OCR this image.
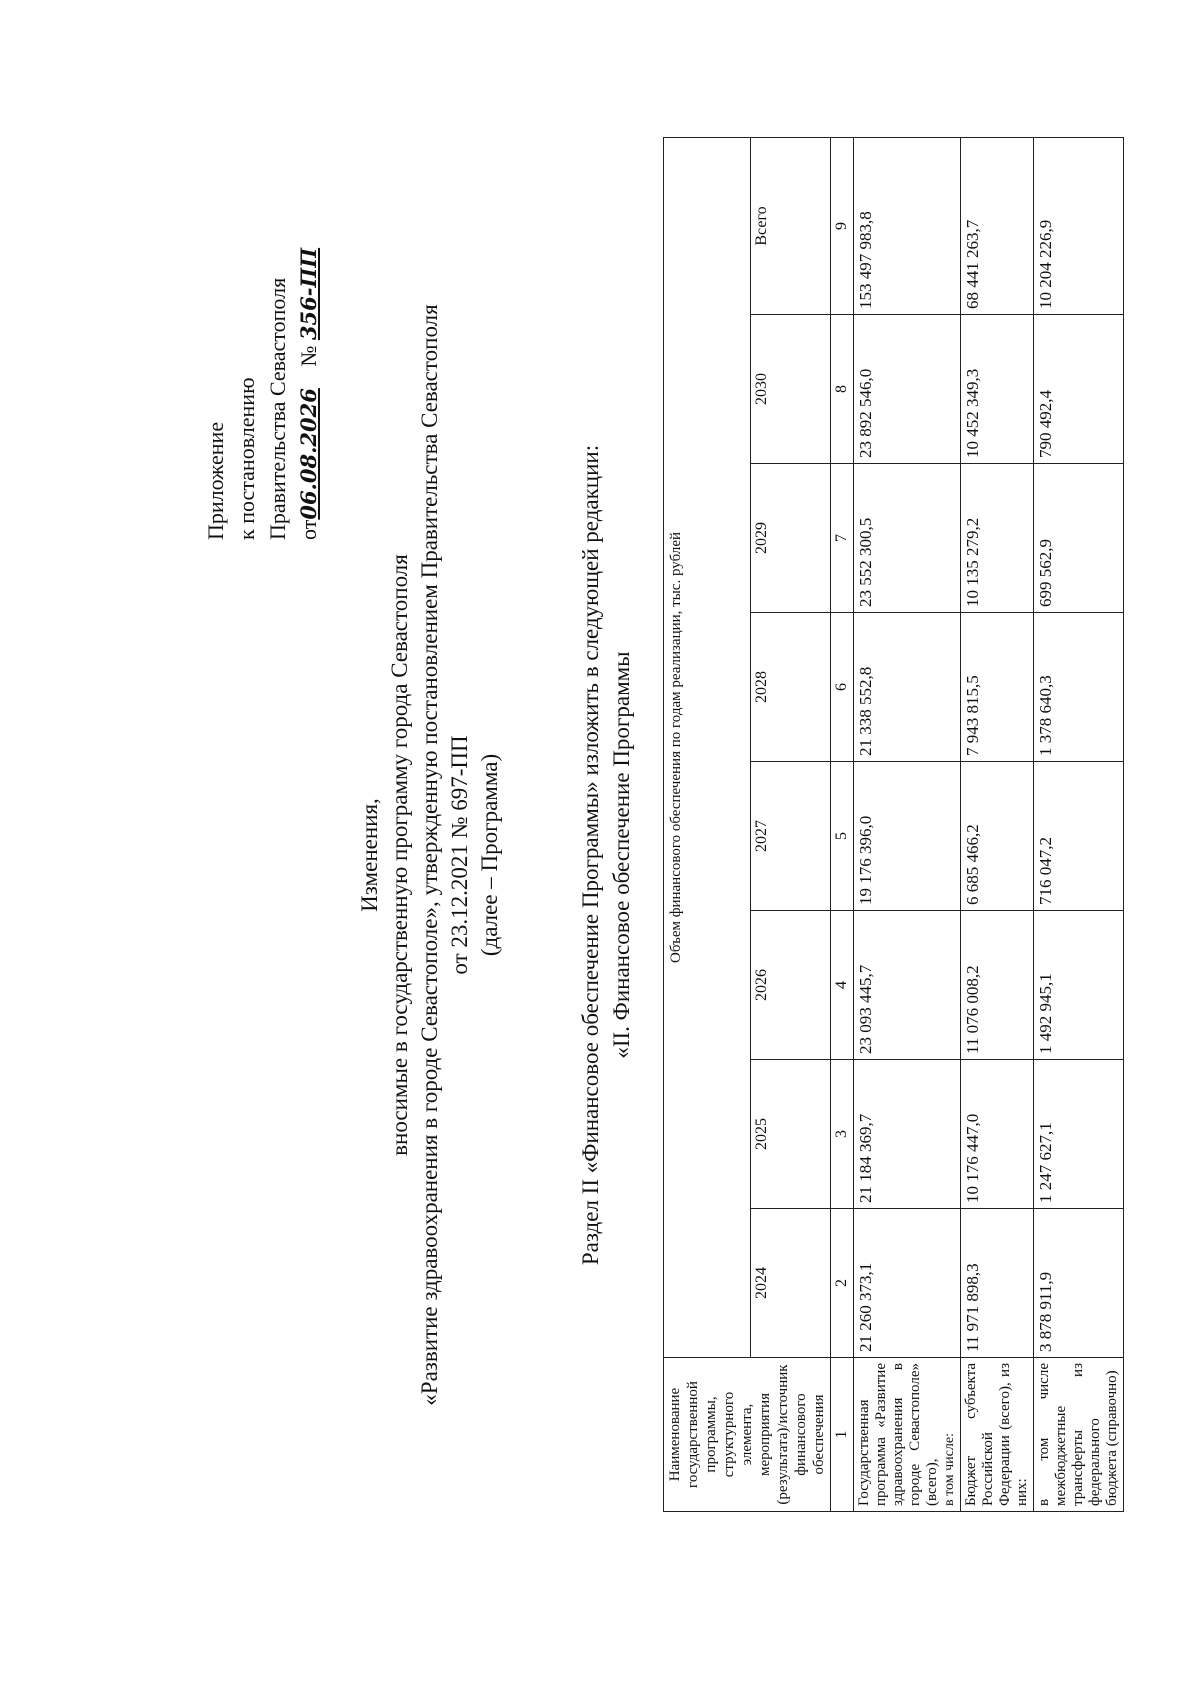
Приложение к постановлению Правительства Севастополя от06.08.2026 № 356-ПП
Изменения, вносимые в государственную программу города Севастополя «Развитие здравоохранения в городе Севастополе», утвержденную постановлением Правительства Севастополя от 23.12.2021 № 697-ПП (далее – Программа)	Раздел II «Финансовое обеспечение Программы» изложить в следующей редакции: «II. Финансовое обеспечение Программы
Наименование государственной программы, структурного элемента, мероприятия (результата)/источник финансового обеспечения	Объем финансового обеспечения по годам реализации, тыс. рублей							
	2024	2025	2026	2027	2028	2029	2030	Всего
1	2	3	4	5	6	7	8	9
Государственная программа «Развитие здравоохранения в городе Севастополе» (всего), в том числе:	21 260 373,1	21 184 369,7	23 093 445,7	19 176 396,0	21 338 552,8	23 552 300,5	23 892 546,0	153 497 983,8
Бюджет субъекта Российской Федерации (всего), из них:	11 971 898,3	10 176 447,0	11 076 008,2	6 685 466,2	7 943 815,5	10 135 279,2	10 452 349,3	68 441 263,7
в том числе межбюджетные трансферты из федерального бюджета (справочно)	3 878 911,9	1 247 627,1	1 492 945,1	716 047,2	1 378 640,3	699 562,9	790 492,4	10 204 226,9
